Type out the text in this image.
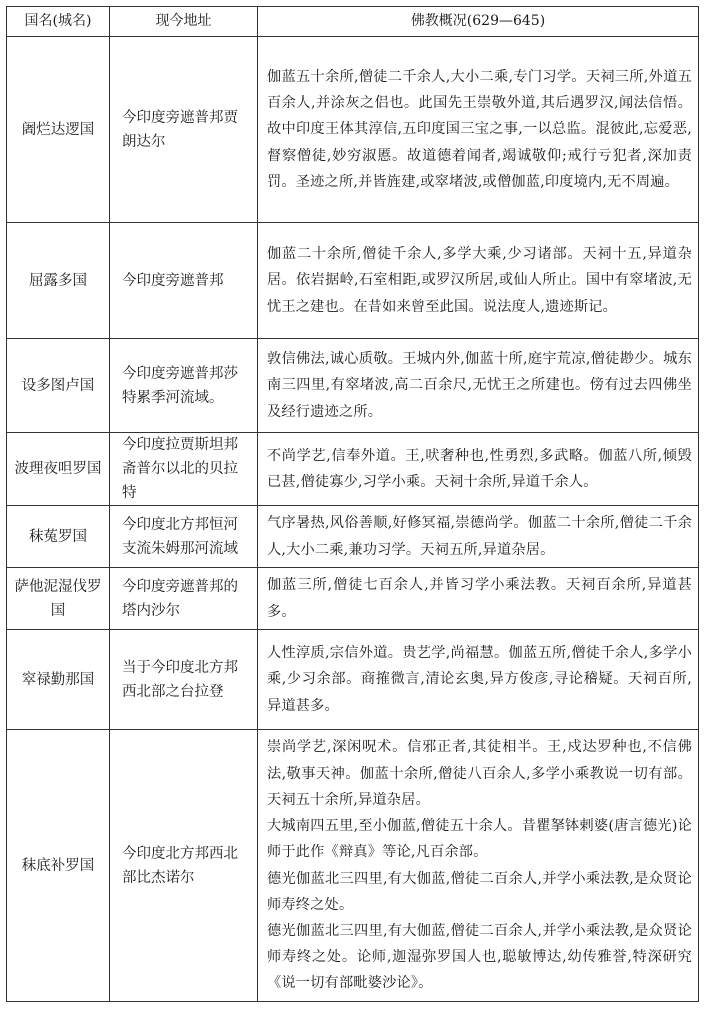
国名(城名)	现今地址	佛教概况(629—645)
阇烂达逻国	今印度旁遮普邦贾朗达尔	伽蓝五十余所,僧徒二千余人,大小二乘,专门习学。天祠三所,外道五百余人,并涂灰之侣也。此国先王崇敬外道,其后遇罗汉,闻法信悟。故中印度王体其淳信,五印度国三宝之事,一以总监。混彼此,忘爱恶,督察僧徒,妙穷淑慝。故道德着闻者,竭诚敬仰;戒行亏犯者,深加责罚。圣迹之所,并皆旌建,或窣堵波,或僧伽蓝,印度境内,无不周遍。

屈露多国	今印度旁遮普邦	伽蓝二十余所,僧徒千余人,多学大乘,少习诸部。天祠十五,异道杂居。依岩据岭,石室相距,或罗汉所居,或仙人所止。国中有窣堵波,无忧王之建也。在昔如来曾至此国。说法度人,遗迹斯记。

设多图卢国	今印度旁遮普邦莎特累季河流域。	敦信佛法,诚心质敬。王城内外,伽蓝十所,庭宇荒凉,僧徒尠少。城东南三四里,有窣堵波,高二百余尺,无忧王之所建也。傍有过去四佛坐及经行遗迹之所。

波理夜呾罗国	今印度拉贾斯坦邦斋普尔以北的贝拉特	不尚学艺,信奉外道。王,吠奢种也,性勇烈,多武略。伽蓝八所,倾毁已甚,僧徒寡少,习学小乘。天祠十余所,异道千余人。

秣菟罗国	今印度北方邦恒河支流朱姆那河流域	气序暑热,风俗善顺,好修冥福,崇德尚学。伽蓝二十余所,僧徒二千余人,大小二乘,兼功习学。天祠五所,异道杂居。

萨他泥湿伐罗国	今印度旁遮普邦的塔内沙尔	伽蓝三所,僧徒七百余人,并皆习学小乘法教。天祠百余所,异道甚多。

窣禄勤那国	当于今印度北方邦西北部之台拉登	人性淳质,宗信外道。贵艺学,尚福慧。伽蓝五所,僧徒千余人,多学小乘,少习余部。商搉微言,清论玄奥,异方俊彦,寻论稽疑。天祠百所,异道甚多。

秣底补罗国	今印度北方邦西北部比杰诺尔	崇尚学艺,深闲呪术。信邪正者,其徒相半。王,戍达罗种也,不信佛法,敬事天神。伽蓝十余所,僧徒八百余人,多学小乘教说一切有部。天祠五十余所,异道杂居。
大城南四五里,至小伽蓝,僧徒五十余人。昔瞿拏钵剌婆(唐言德光)论师于此作《辩真》等论,凡百余部。
德光伽蓝北三四里,有大伽蓝,僧徒二百余人,并学小乘法教,是众贤论师寿终之处。
德光伽蓝北三四里,有大伽蓝,僧徒二百余人,并学小乘法教,是众贤论师寿终之处。论师,迦湿弥罗国人也,聪敏博达,幼传雅誉,特深研究《说一切有部毗婆沙论》。
